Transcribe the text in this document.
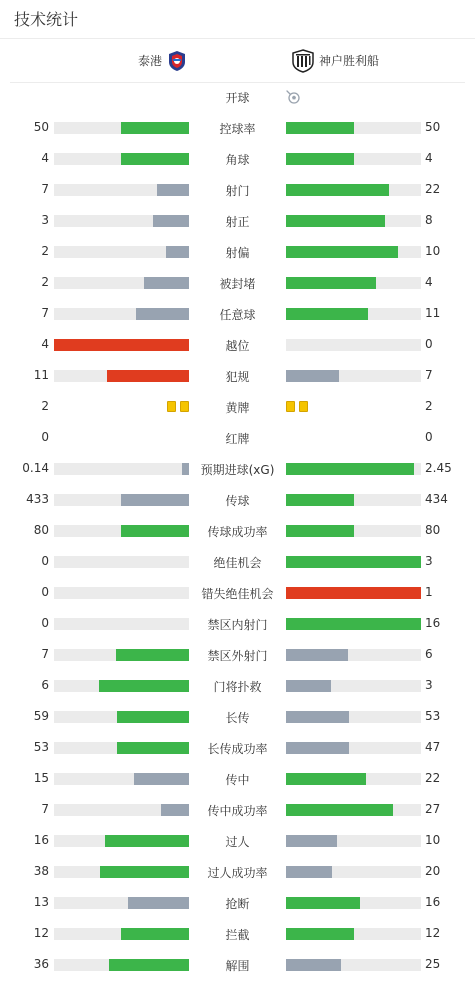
技术统计
泰港	神户胜利船
开球
50	控球率	50
4	角球	4
7	射门	22
3	射正	8
2	射偏	10
2	被封堵	4
7	任意球	11
4	越位	0
11	犯规	7
2	黄牌	2
0	红牌	0
0.14	预期进球(xG)	2.45
433	传球	434
80	传球成功率	80
0	绝佳机会	3
0	错失绝佳机会	1
0	禁区内射门	16
7	禁区外射门	6
6	门将扑救	3
59	长传	53
53	长传成功率	47
15	传中	22
7	传中成功率	27
16	过人	10
38	过人成功率	20
13	抢断	16
12	拦截	12
36	解围	25
